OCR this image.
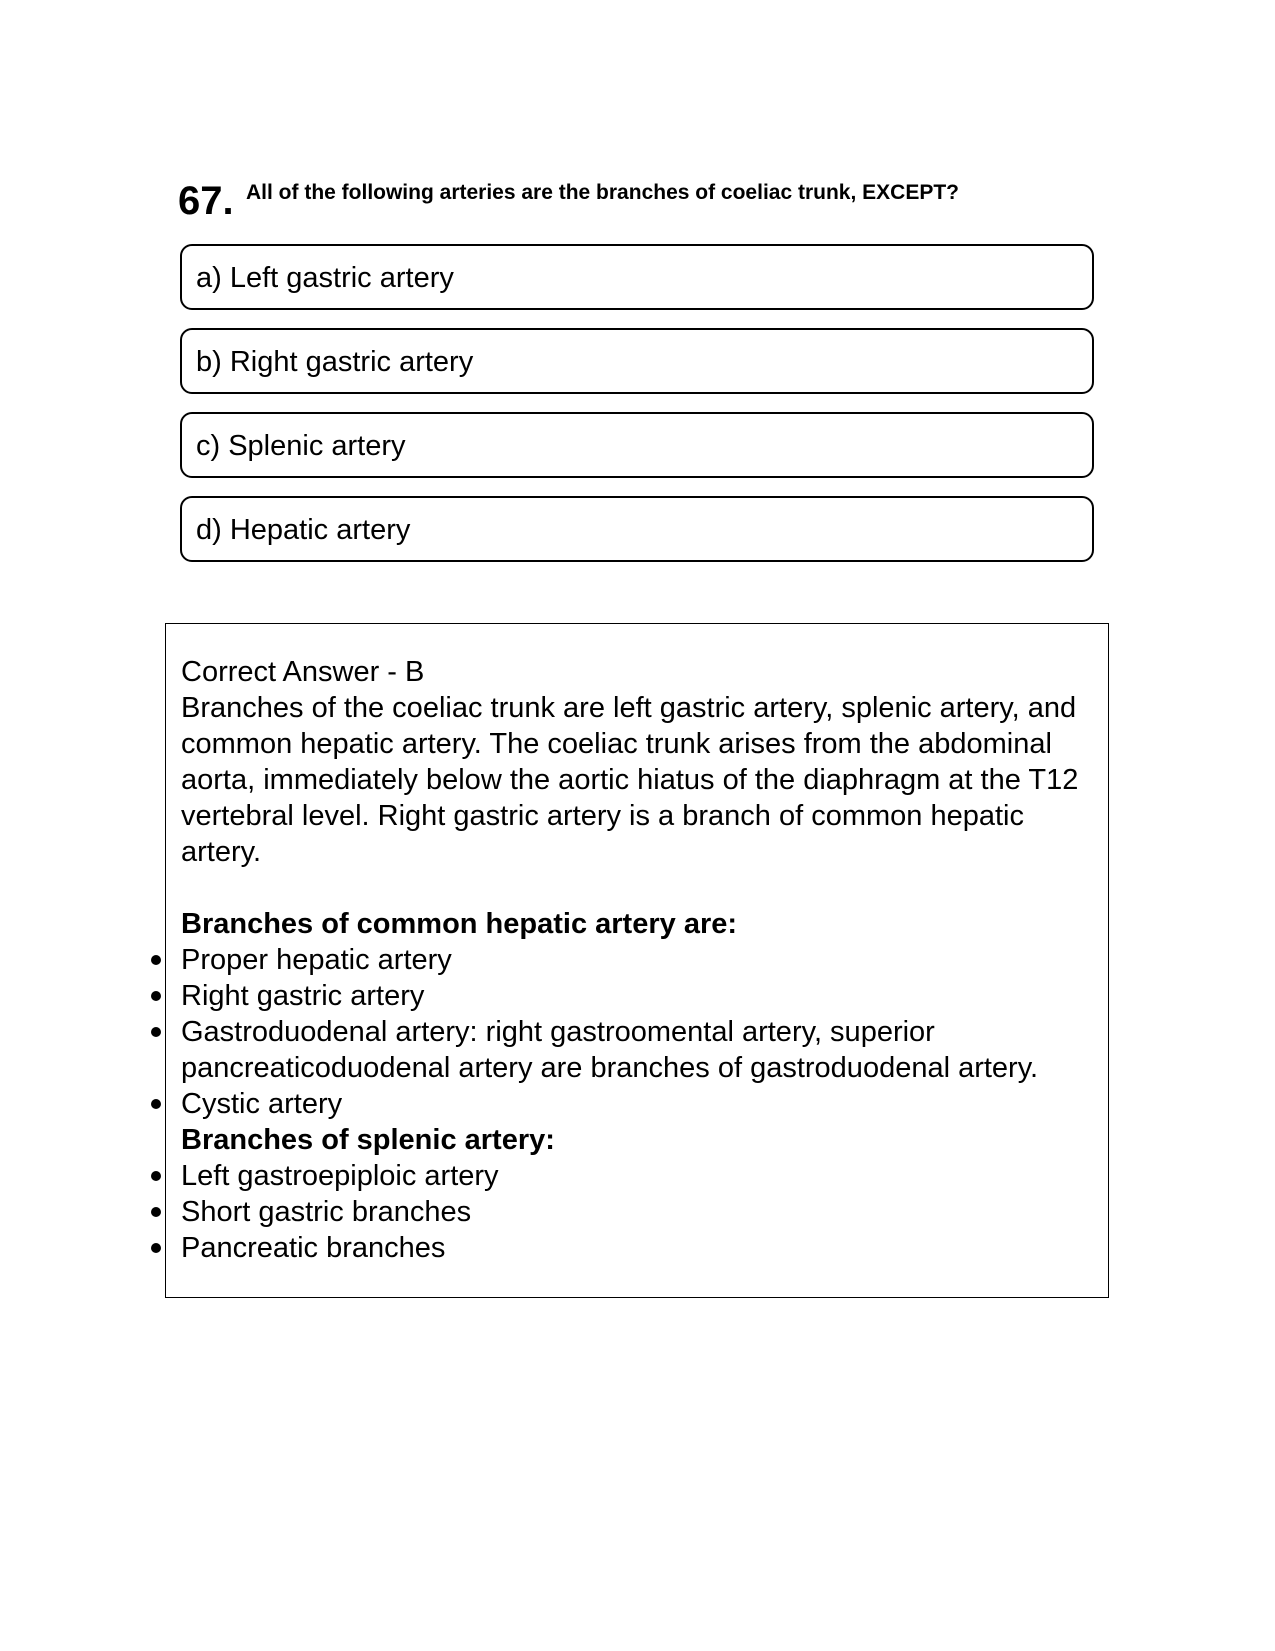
67. All of the following arteries are the branches of coeliac trunk, EXCEPT?
a) Left gastric artery
b) Right gastric artery
c) Splenic artery
d) Hepatic artery

Correct Answer - B

Branches of the coeliac trunk are left gastric artery, splenic artery, and common hepatic artery. The coeliac trunk arises from the abdominal aorta, immediately below the aortic hiatus of the diaphragm at the T12 vertebral level. Right gastric artery is a branch of common hepatic artery.

Branches of common hepatic artery are:

Proper hepatic artery
Right gastric artery
Gastroduodenal artery: right gastroomental artery, superior pancreaticoduodenal artery are branches of gastroduodenal artery.
Cystic artery

Branches of splenic artery:

Left gastroepiploic artery
Short gastric branches
Pancreatic branches
